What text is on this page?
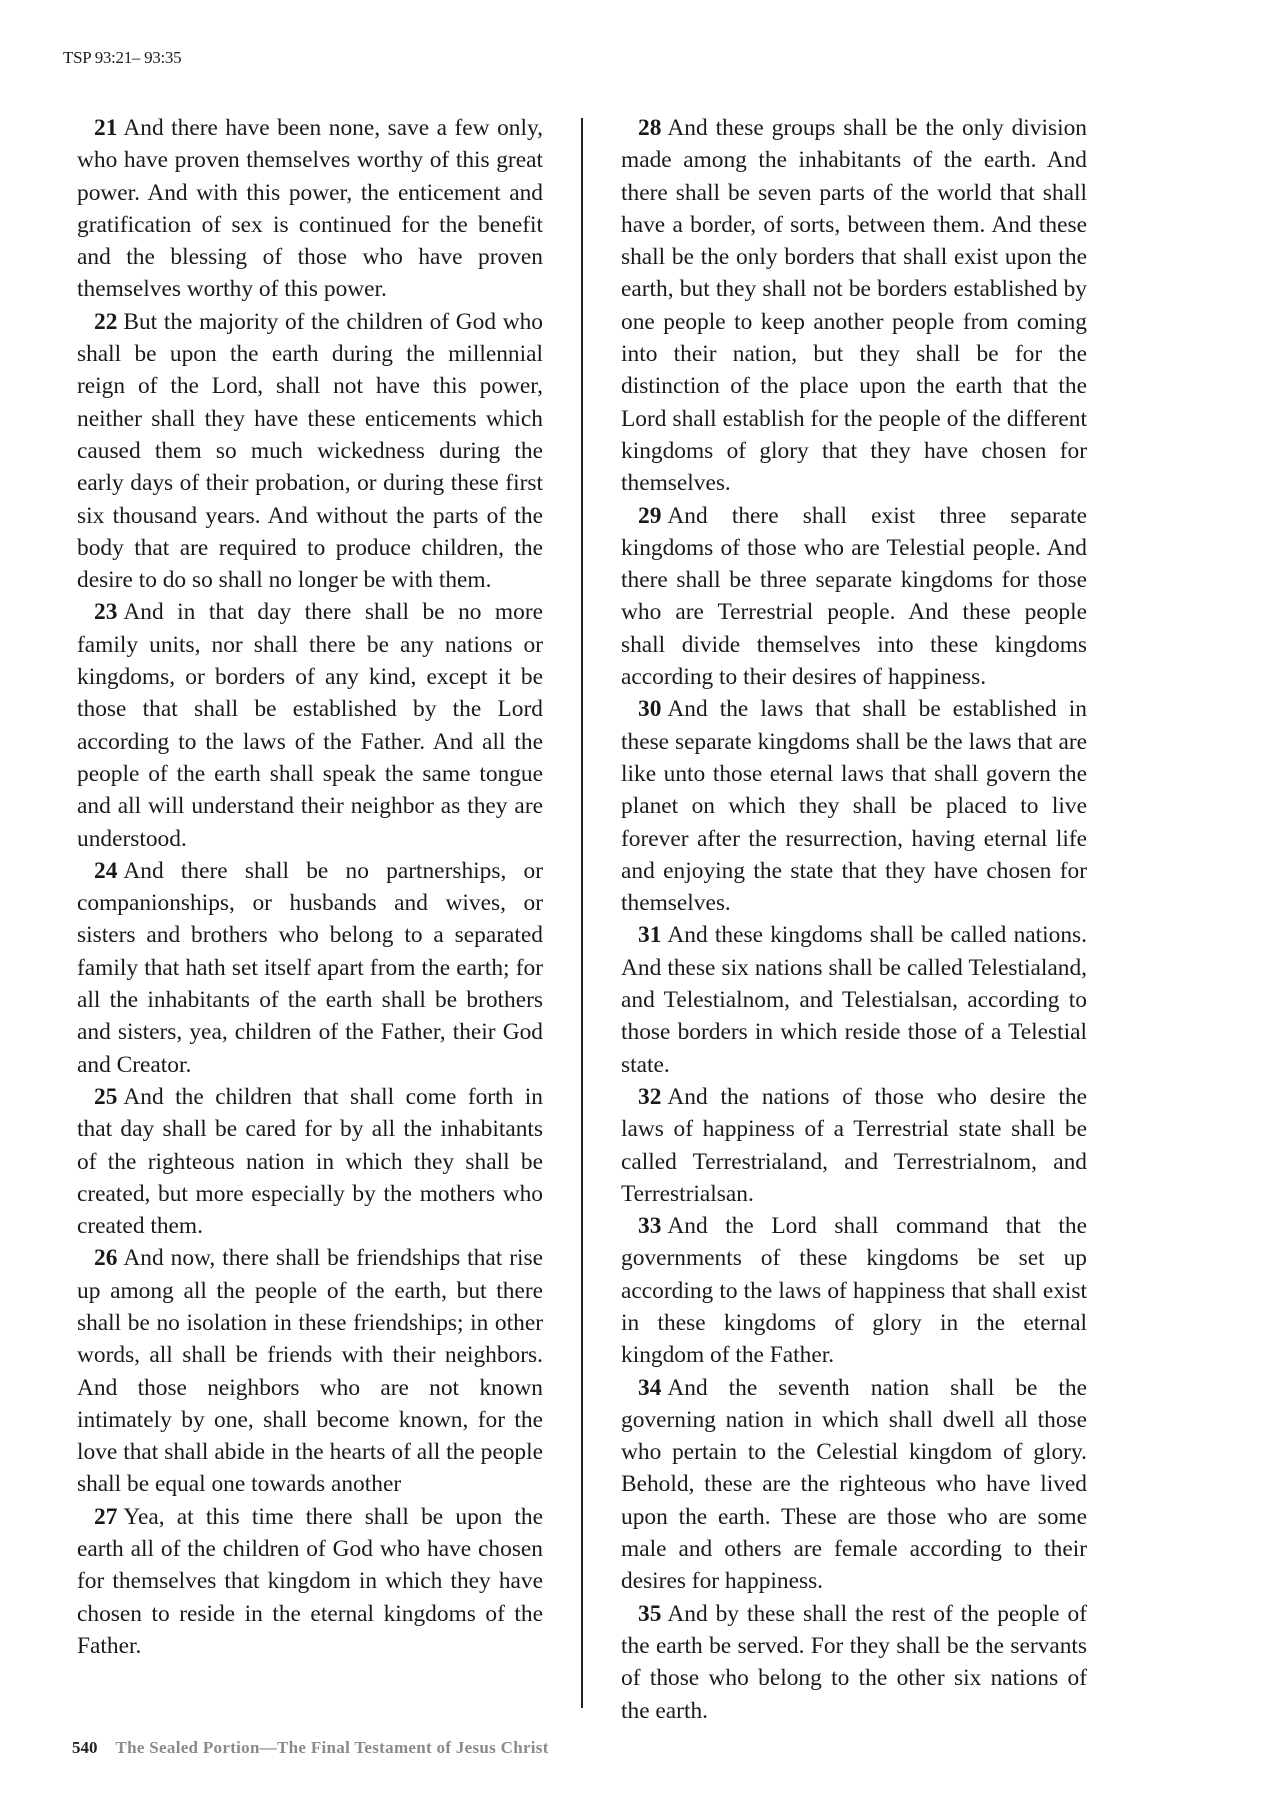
TSP 93:21– 93:35

21 And there have been none, save a few only, who have proven themselves worthy of this great power. And with this power, the enticement and gratification of sex is continued for the benefit and the blessing of those who have proven themselves worthy of this power.

22 But the majority of the children of God who shall be upon the earth during the millennial reign of the Lord, shall not have this power, neither shall they have these enticements which caused them so much wickedness during the early days of their probation, or during these first six thousand years. And without the parts of the body that are required to produce children, the desire to do so shall no longer be with them.

23 And in that day there shall be no more family units, nor shall there be any nations or kingdoms, or borders of any kind, except it be those that shall be established by the Lord according to the laws of the Father. And all the people of the earth shall speak the same tongue and all will understand their neighbor as they are understood.

24 And there shall be no partnerships, or companionships, or husbands and wives, or sisters and brothers who belong to a separated family that hath set itself apart from the earth; for all the inhabitants of the earth shall be brothers and sisters, yea, children of the Father, their God and Creator.

25 And the children that shall come forth in that day shall be cared for by all the inhabitants of the righteous nation in which they shall be created, but more especially by the mothers who created them.

26 And now, there shall be friendships that rise up among all the people of the earth, but there shall be no isolation in these friendships; in other words, all shall be friends with their neighbors. And those neighbors who are not known intimately by one, shall become known, for the love that shall abide in the hearts of all the people shall be equal one towards another

27 Yea, at this time there shall be upon the earth all of the children of God who have chosen for themselves that kingdom in which they have chosen to reside in the eternal kingdoms of the Father.

28 And these groups shall be the only division made among the inhabitants of the earth. And there shall be seven parts of the world that shall have a border, of sorts, between them. And these shall be the only borders that shall exist upon the earth, but they shall not be borders established by one people to keep another people from coming into their nation, but they shall be for the distinction of the place upon the earth that the Lord shall establish for the people of the different kingdoms of glory that they have chosen for themselves.

29 And there shall exist three separate kingdoms of those who are Telestial people. And there shall be three separate kingdoms for those who are Terrestrial people. And these people shall divide themselves into these kingdoms according to their desires of happiness.

30 And the laws that shall be established in these separate kingdoms shall be the laws that are like unto those eternal laws that shall govern the planet on which they shall be placed to live forever after the resurrection, having eternal life and enjoying the state that they have chosen for themselves.

31 And these kingdoms shall be called nations. And these six nations shall be called Telestialand, and Telestialnom, and Telestialsan, according to those borders in which reside those of a Telestial state.

32 And the nations of those who desire the laws of happiness of a Terrestrial state shall be called Terrestrialand, and Terrestrialnom, and Terrestrialsan.

33 And the Lord shall command that the governments of these kingdoms be set up according to the laws of happiness that shall exist in these kingdoms of glory in the eternal kingdom of the Father.

34 And the seventh nation shall be the governing nation in which shall dwell all those who pertain to the Celestial kingdom of glory. Behold, these are the righteous who have lived upon the earth. These are those who are some male and others are female according to their desires for happiness.

35 And by these shall the rest of the people of the earth be served. For they shall be the servants of those who belong to the other six nations of the earth.

540 The Sealed Portion—The Final Testament of Jesus Christ
